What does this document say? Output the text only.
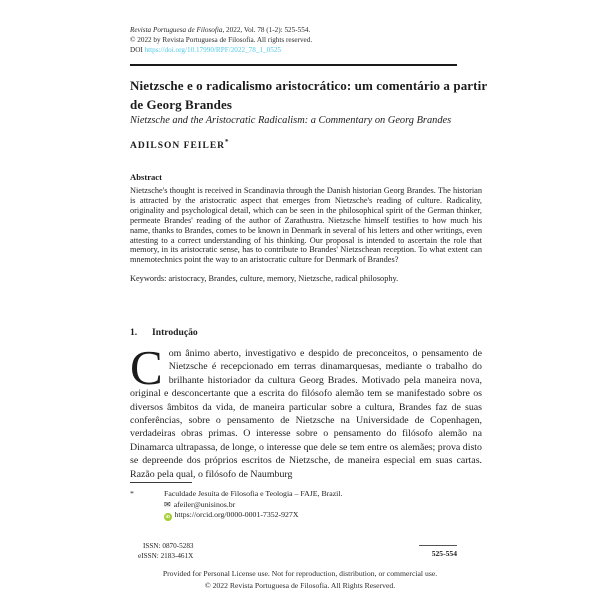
Revista Portuguesa de Filosofia, 2022, Vol. 78 (1-2): 525-554.
© 2022 by Revista Portuguesa de Filosofia. All rights reserved.
DOI https://doi.org/10.17990/RPF/2022_78_1_0525
Nietzsche e o radicalismo aristocrático: um comentário a partir de Georg Brandes
Nietzsche and the Aristocratic Radicalism: a Commentary on Georg Brandes
ADILSON FEILER*
Abstract
Nietzsche's thought is received in Scandinavia through the Danish historian Georg Brandes. The historian is attracted by the aristocratic aspect that emerges from Nietzsche's reading of culture. Radicality, originality and psychological detail, which can be seen in the philosophical spirit of the German thinker, permeate Brandes' reading of the author of Zarathustra. Nietzsche himself testifies to how much his name, thanks to Brandes, comes to be known in Denmark in several of his letters and other writings, even attesting to a correct understanding of his thinking. Our proposal is intended to ascertain the role that memory, in its aristocratic sense, has to contribute to Brandes' Nietzschean reception. To what extent can mnemotechnics point the way to an aristocratic culture for Denmark of Brandes?
Keywords: aristocracy, Brandes, culture, memory, Nietzsche, radical philosophy.
1. Introdução
Com ânimo aberto, investigativo e despido de preconceitos, o pensamento de Nietzsche é recepcionado em terras dinamarquesas, mediante o trabalho do brilhante historiador da cultura Georg Brades. Motivado pela maneira nova, original e desconcertante que a escrita do filósofo alemão tem se manifestado sobre os diversos âmbitos da vida, de maneira particular sobre a cultura, Brandes faz de suas conferências, sobre o pensamento de Nietzsche na Universidade de Copenhagen, verdadeiras obras primas. O interesse sobre o pensamento do filósofo alemão na Dinamarca ultrapassa, de longe, o interesse que dele se tem entre os alemães; prova disto se depreende dos próprios escritos de Nietzsche, de maneira especial em suas cartas. Razão pela qual, o filósofo de Naumburg
*	Faculdade Jesuíta de Filosofia e Teologia – FAJE, Brazil.
✉ afeiler@unisinos.br
iD https://orcid.org/0000-0001-7352-927X
ISSN: 0870-5283
eISSN: 2183-461X	525-554
Provided for Personal License use. Not for reproduction, distribution, or commercial use.
© 2022 Revista Portuguesa de Filosofia. All Rights Reserved.
